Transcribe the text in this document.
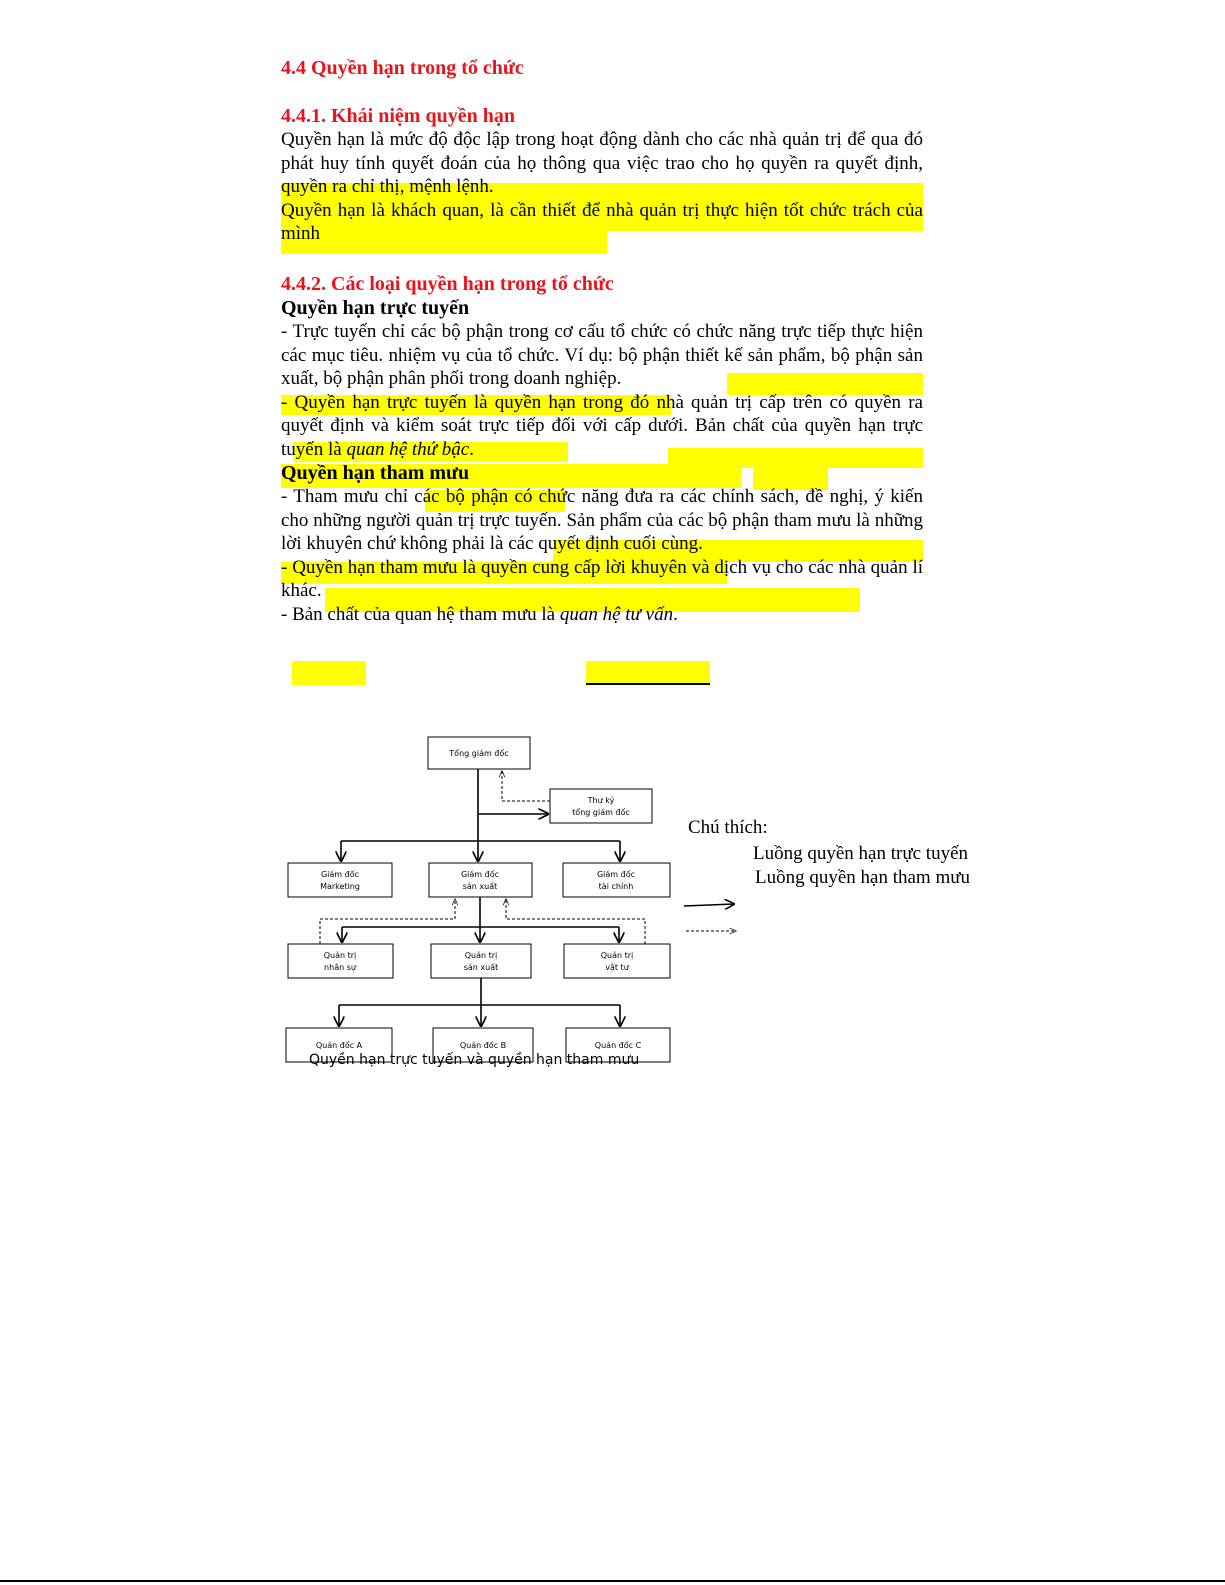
4.4 Quyền hạn trong tổ chức

4.4.1. Khái niệm quyền hạn

Quyền hạn là mức độ độc lập trong hoạt động dành cho các nhà quản trị để qua đó phát huy tính quyết đoán của họ thông qua việc trao cho họ quyền ra quyết định, quyền ra chỉ thị, mệnh lệnh.

Quyền hạn là khách quan, là cần thiết để nhà quản trị thực hiện tốt chức trách của mình

4.4.2. Các loại quyền hạn trong tổ chức

Quyền hạn trực tuyến

- Trực tuyến chỉ các bộ phận trong cơ cấu tổ chức có chức năng trực tiếp thực hiện các mục tiêu. nhiệm vụ của tổ chức. Ví dụ: bộ phận thiết kế sản phẩm, bộ phận sản xuất, bộ phận phân phối trong doanh nghiệp.

- Quyền hạn trực tuyến là quyền hạn trong đó nhà quản trị cấp trên có quyền ra quyết định và kiểm soát trực tiếp đối với cấp dưới. Bản chất của quyền hạn trực tuyến là quan hệ thứ bậc.

Quyền hạn tham mưu

- Tham mưu chỉ các bộ phận có chức năng đưa ra các chính sách, đề nghị, ý kiến cho những người quản trị trực tuyến. Sản phẩm của các bộ phận tham mưu là những lời khuyên chứ không phải là các quyết định cuối cùng.

- Quyền hạn tham mưu là quyền cung cấp lời khuyên và dịch vụ cho các nhà quản lí khác.

- Bản chất của quan hệ tham mưu là quan hệ tư vấn.

Tổng giám đốc
Thư ký
tổng giám đốc
Giám đốc
Marketing
Giám đốc
sản xuất
Giám đốc
tài chính
Quản trị
nhân sự
Quản trị
sản xuất
Quản trị
vật tư
Quản đốc A	Quản đốc B	Quản đốc C
Chú thích:
Luồng quyền hạn trực tuyến
Luồng quyền hạn tham mưu
Quyền hạn trực tuyến và quyền hạn tham mưu
